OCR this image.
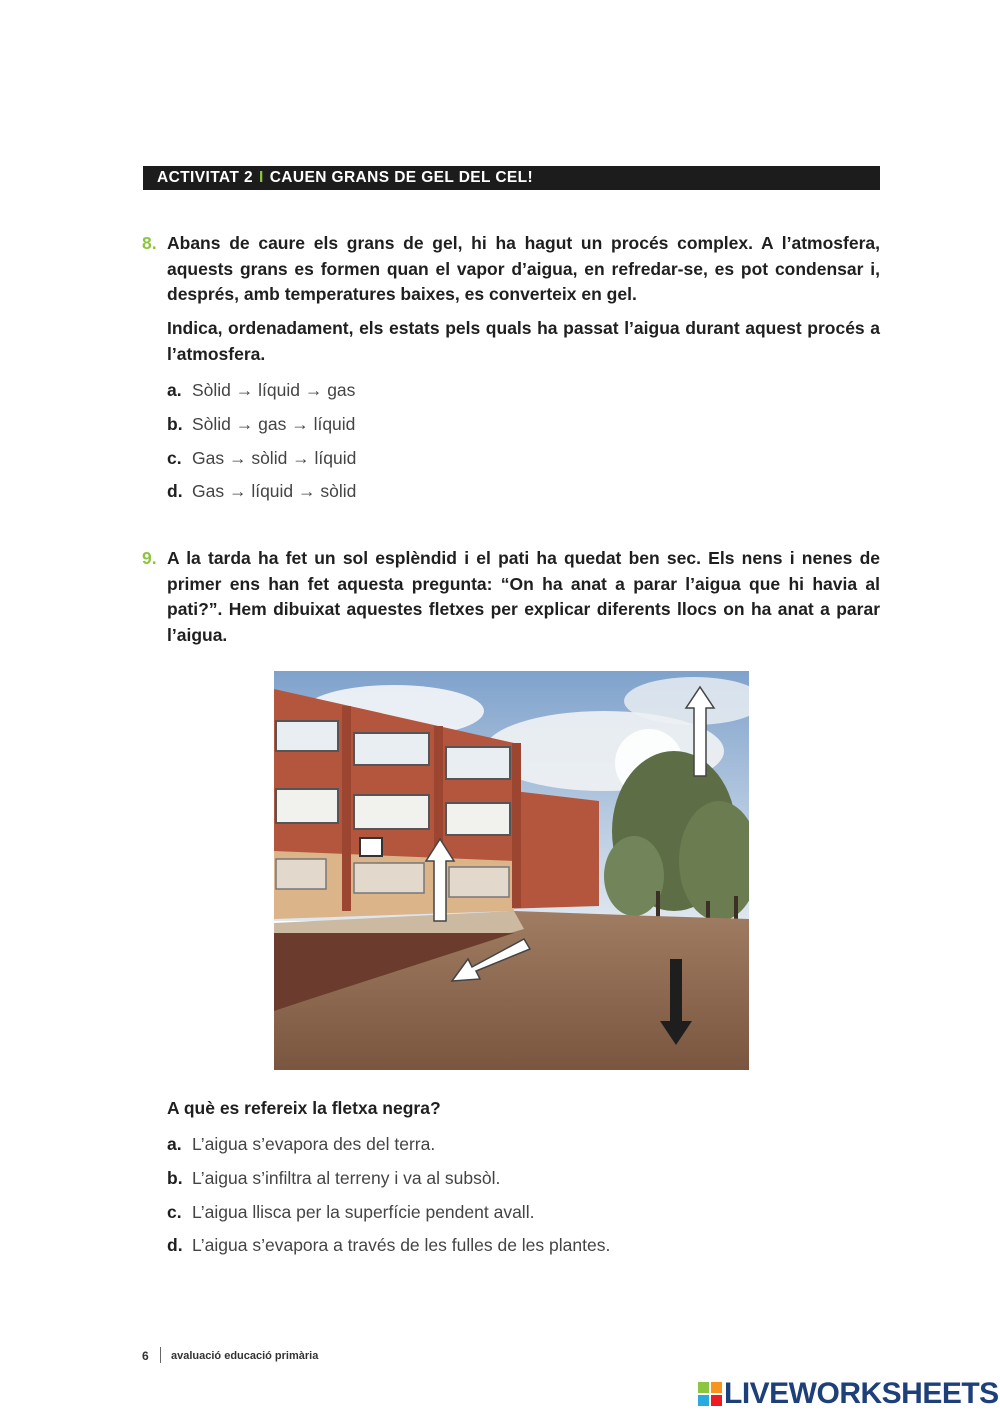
ACTIVITAT 2 I CAUEN GRANS DE GEL DEL CEL!
8. Abans de caure els grans de gel, hi ha hagut un procés complex. A l’atmosfera, aquests grans es formen quan el vapor d’aigua, en refredar-se, es pot condensar i, després, amb temperatures baixes, es converteix en gel.
Indica, ordenadament, els estats pels quals ha passat l’aigua durant aquest procés a l’atmosfera.
a. Sòlid → líquid → gas
b. Sòlid → gas → líquid
c. Gas → sòlid → líquid
d. Gas → líquid → sòlid
9. A la tarda ha fet un sol esplèndid i el pati ha quedat ben sec. Els nens i nenes de primer ens han fet aquesta pregunta: “On ha anat a parar l’aigua que hi havia al pati?”. Hem dibuixat aquestes fletxes per explicar diferents llocs on ha anat a parar l’aigua.
A què es refereix la fletxa negra?
a. L’aigua s’evapora des del terra.
b. L’aigua s’infiltra al terreny i va al subsòl.
c. L’aigua llisca per la superfície pendent avall.
d. L’aigua s’evapora a través de les fulles de les plantes.
6 avaluació educació primària
LIVEWORKSHEETS
